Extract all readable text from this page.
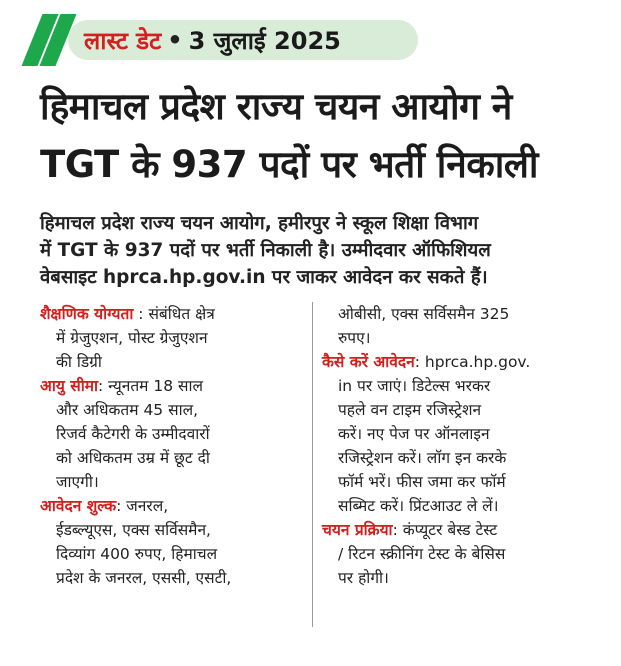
लास्ट डेट • 3 जुलाई 2025
हिमाचल प्रदेश राज्य चयन आयोग ने
TGT के 937 पदों पर भर्ती निकाली
हिमाचल प्रदेश राज्य चयन आयोग, हमीरपुर ने स्कूल शिक्षा विभाग
में TGT के 937 पदों पर भर्ती निकाली है। उम्मीदवार ऑफिशियल
वेबसाइट hprca.hp.gov.in पर जाकर आवेदन कर सकते हैं।
शैक्षणिक योग्यता : संबंधित क्षेत्र
में ग्रेजुएशन, पोस्ट ग्रेजुएशन
की डिग्री
आयु सीमा: न्यूनतम 18 साल
और अधिकतम 45 साल,
रिजर्व कैटेगरी के उम्मीदवारों
को अधिकतम उम्र में छूट दी
जाएगी।
आवेदन शुल्क: जनरल,
ईडब्ल्यूएस, एक्स सर्विसमैन,
दिव्यांग 400 रुपए, हिमाचल
प्रदेश के जनरल, एससी, एसटी,
ओबीसी, एक्स सर्विसमैन 325
रुपए।
कैसे करें आवेदन: hprca.hp.gov.
in पर जाएं। डिटेल्स भरकर
पहले वन टाइम रजिस्ट्रेशन
करें। नए पेज पर ऑनलाइन
रजिस्ट्रेशन करें। लॉग इन करके
फॉर्म भरें। फीस जमा कर फॉर्म
सब्मिट करें। प्रिंटआउट ले लें।
चयन प्रक्रिया: कंप्यूटर बेस्ड टेस्ट
/ रिटन स्क्रीनिंग टेस्ट के बेसिस
पर होगी।
